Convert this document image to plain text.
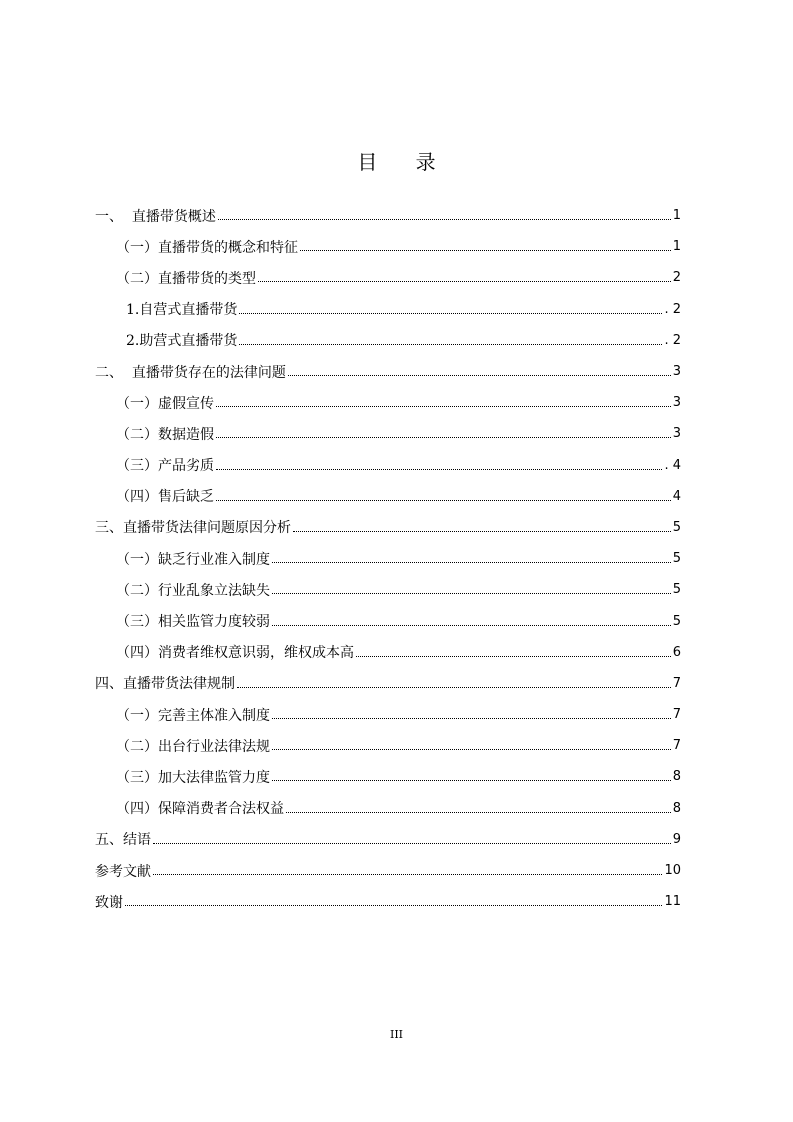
目 录
一、  直播带货概述	1
（一）直播带货的概念和特征	1
（二）直播带货的类型	2
1.自营式直播带货	. 2
2.助营式直播带货	. 2
二、  直播带货存在的法律问题	3
（一）虚假宣传	3
（二）数据造假	3
（三）产品劣质	. 4
（四）售后缺乏	4
三、直播带货法律问题原因分析	5
（一）缺乏行业准入制度	5
（二）行业乱象立法缺失	5
（三）相关监管力度较弱	5
（四）消费者维权意识弱，维权成本高	6
四、直播带货法律规制	7
（一）完善主体准入制度	7
（二）出台行业法律法规	7
（三）加大法律监管力度	8
（四）保障消费者合法权益	8
五、结语	9
参考文献	10
致谢	11
III
